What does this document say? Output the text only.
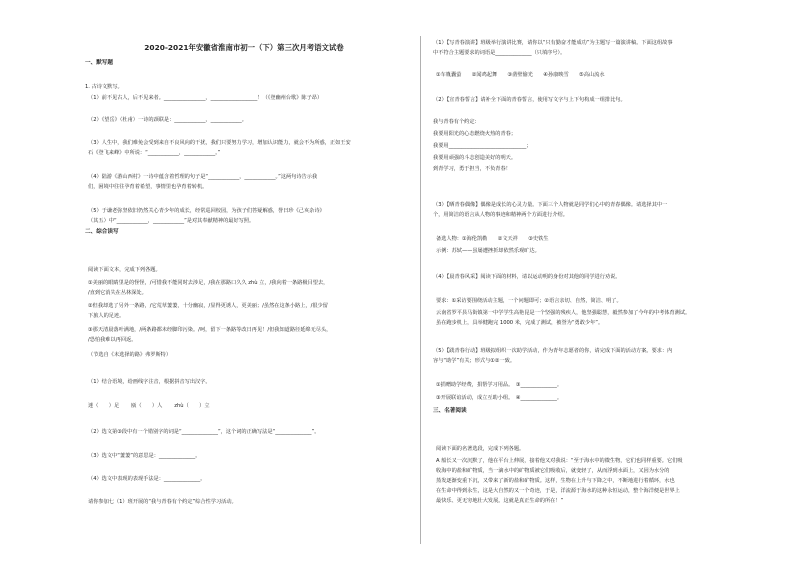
2020-2021年安徽省淮南市初一（下）第三次月考语文试卷
一、默写题
1. 古诗文默写。
（1）前不见古人，后不见来者。________________，__________________！（《登幽州台歌》陈子昂）
（2）《望岳》（杜甫）一诗的颈联是：____________，____________。
（3）人生中，我们难免会受到来自不良风向的干扰，我们只要努力学习，增加认识能力，就会不为所惑，正如王安
石《登飞来峰》中所说：“____________，____________。”
（4）陆游《游山西村》一诗中蕴含着哲理的句子是“____________，____________。”这两句诗告示我
们，困境中往往孕育着希望，事情里也孕育着转机。
（5）于谦老弥坚依旧仍然关心青少年的成长，经常巡回校园，为孩子们答疑解惑，誉曰珍《己亥杂诗》
（其五）中“____________，____________”是对其奉献精神的最好写照。
二、综合读写
阅读下面文本，完成下列各题。
①美丽的眼睛里是的怪怪，/可惜我不能同时去涉足，/我在那路口久久 zhù 立，/我向着一条路极目望去，
/直到它消失在丛林深处。
②但我却选了另外一条路，/它荒草萋萋，十分幽寂，/显得更诱人，更美丽；/虽然在这条小路上，/很少留
下旅人的足迹。
③那天清晨落叶满地，/两条路都未经脚印污染。/呵，留下一条路等改日再见！/但我知道路径延绵无尽头，
/恐怕我难以再回返。
（节选自《未选择的路》弗罗斯特）
（1）结合语境，给画线字注音，根据拼音写出汉字。
迷（　　）足　　 瓯（　　）人　　 zhù（　　）立
（2）选文第③段中有一个错别字的词是“______________”，这个词的正确写法是“______________”。
（3）选文中“萋萋”的意思是：______________。
（4）选文中表现的表现手法是：______________。
请你参加七（1）班开展的“我与青春有个约定”综合性学习活动。
（1）【写青春演讲】班级举行演讲比赛，请你以“只有勤奋才能成功”为主题写一篇演讲稿。下面这组故事
中不符合主题要求的词语是______________（只填序号）。
①车胤囊萤　　②闻鸡起舞　　③凿壁偷光　　④孙康映雪　　⑤高山流水
（2）【宣青春誓言】请补全下面的青春誓言，使用写文字与上下句构成一组排比句。
我与青春有个约定：
我要用阳光的心态燃烧火热的青春；
我要用______________________________；
我要用顽强的斗志创造美好的明天。
到青学习，勇于担当，不负青春！
（3）【晒青春偶像】偶像是成长的心灵力量。下面三个人物就是同学们心中的青春偶像。请选择其中一
个，用简洁的语言从人物的事迹和精神两个方面进行介绍。
备选人物：①海伦凯勒　　②文天祥　　③史铁生
示例：苏轼——虽屡遭挫折却依然乐观旷达。
（4）【晨青春风采】阅读下面的材料，请以运动明的身份对其他的同学进行劝说。
要求：①采访要围绕活动主题，一个问题即可；②语言亲切、自然，简洁、明了。
云南省罗平县马街镇第一中学学生高艳昆是一个坚强的残疾人，他坚强聪慧，毅然参加了今年的中考体育测试。
虽在跑步机上，具举健跑完 1000 米，完成了测试，被誉为“勇敢少年”。
（5）【践青春行动】班级拟组织一次助学活动，作为青年志愿者的你，请完成下面的活动方案。要求：内
容与“助学”有关；形式与①②一致。
①捐赠助学经费，捐帮学习用品。　③______________。
③开展联谊活动，成立互助小组。　④______________。
三、名著阅读
阅读下面的名著选段，完成下列各题。
A 船长又一次沉默了，他在平台上伸展，接着他又对我说：“至于海水中的微生物，它们也同样重要。它们吸
收海中的盐和矿物质，当一滴水中的矿物质被它们吸收后，就变轻了，从而浮到水面上，又因为水分的
蒸发逐渐变重下沉，又带来了新的盐和矿物质。这样，生物在上升与下降之中，不断地进行着循环，水也
在生命中得到永生，这是大自然的又一个奇迹，于是，洋流源于海水的这种永恒运动，整个海洋便是世界上
最快乐、更无穷地壮大发展。这就是真正生命的所在！”
